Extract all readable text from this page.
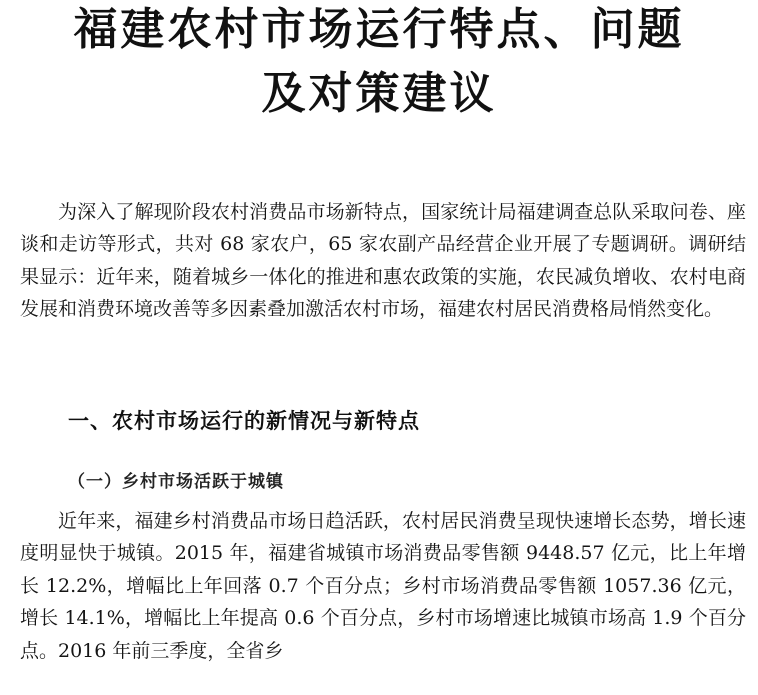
福建农村市场运行特点、问题
及对策建议

为深入了解现阶段农村消费品市场新特点，国家统计局福建调查总队采取问卷、座谈和走访等形式，共对 68 家农户，65 家农副产品经营企业开展了专题调研。调研结果显示：近年来，随着城乡一体化的推进和惠农政策的实施，农民减负增收、农村电商发展和消费环境改善等多因素叠加激活农村市场，福建农村居民消费格局悄然变化。

一、农村市场运行的新情况与新特点
（一）乡村市场活跃于城镇

近年来，福建乡村消费品市场日趋活跃，农村居民消费呈现快速增长态势，增长速度明显快于城镇。2015 年，福建省城镇市场消费品零售额 9448.57 亿元，比上年增长 12.2%，增幅比上年回落 0.7 个百分点；乡村市场消费品零售额 1057.36 亿元，增长 14.1%，增幅比上年提高 0.6 个百分点，乡村市场增速比城镇市场高 1.9 个百分点。2016 年前三季度，全省乡
